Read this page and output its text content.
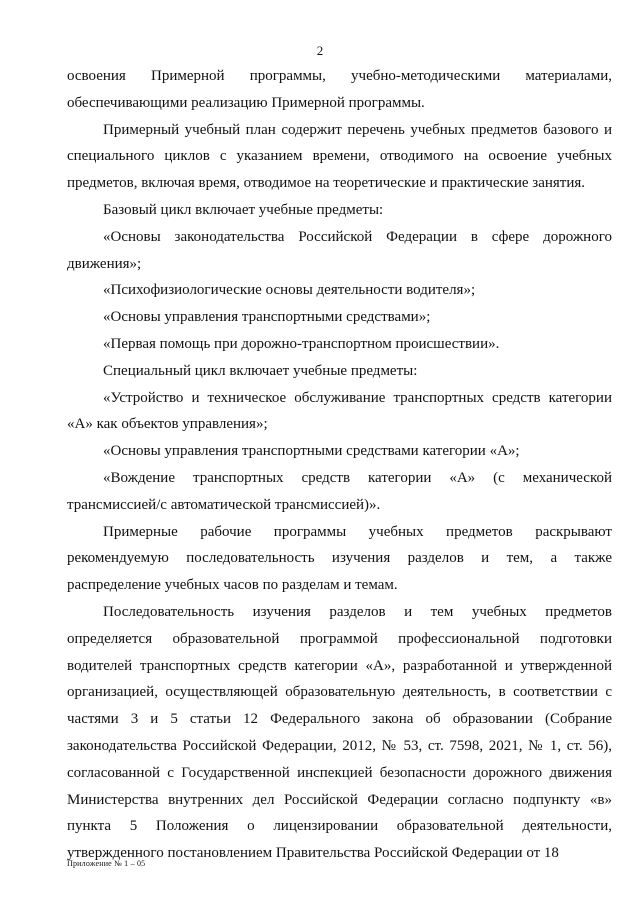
2

освоения Примерной программы, учебно-методическими материалами, обеспечивающими реализацию Примерной программы.

Примерный учебный план содержит перечень учебных предметов базового и специального циклов с указанием времени, отводимого на освоение учебных предметов, включая время, отводимое на теоретические и практические занятия.

Базовый цикл включает учебные предметы:

«Основы законодательства Российской Федерации в сфере дорожного движения»;

«Психофизиологические основы деятельности водителя»;

«Основы управления транспортными средствами»;

«Первая помощь при дорожно-транспортном происшествии».

Специальный цикл включает учебные предметы:

«Устройство и техническое обслуживание транспортных средств категории «А» как объектов управления»;

«Основы управления транспортными средствами категории «А»;

«Вождение транспортных средств категории «А» (с механической трансмиссией/с автоматической трансмиссией)».

Примерные рабочие программы учебных предметов раскрывают рекомендуемую последовательность изучения разделов и тем, а также распределение учебных часов по разделам и темам.

Последовательность изучения разделов и тем учебных предметов определяется образовательной программой профессиональной подготовки водителей транспортных средств категории «А», разработанной и утвержденной организацией, осуществляющей образовательную деятельность, в соответствии с частями 3 и 5 статьи 12 Федерального закона об образовании (Собрание законодательства Российской Федерации, 2012, № 53, ст. 7598, 2021, № 1, ст. 56), согласованной с Государственной инспекцией безопасности дорожного движения Министерства внутренних дел Российской Федерации согласно подпункту «в» пункта 5 Положения о лицензировании образовательной деятельности, утвержденного постановлением Правительства Российской Федерации от 18

Приложение № 1 – 05
